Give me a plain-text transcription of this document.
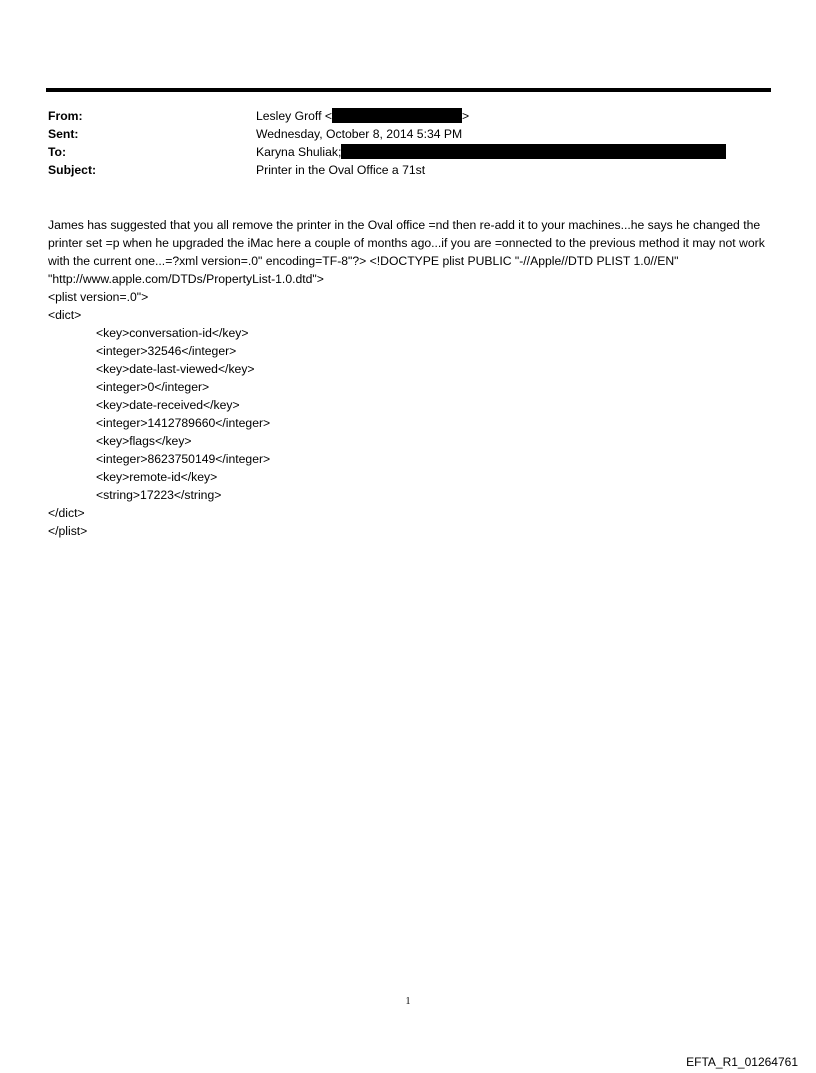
From:	Lesley Groff <	>
Sent:	Wednesday, October 8, 2014 5:34 PM
To:	Karyna Shuliak;
Subject:	Printer in the Oval Office a 71st

James has suggested that you all remove the printer in the Oval office =nd then re-add it to your machines...he says he changed the printer set =p when he upgraded the iMac here a couple of months ago...if you are =onnected to the previous method it may not work with the current one...=?xml version=.0" encoding=TF-8"?> <!DOCTYPE plist PUBLIC "-//Apple//DTD PLIST 1.0//EN" "http://www.apple.com/DTDs/PropertyList-1.0.dtd">

<plist version=.0">
<dict>
<key>conversation-id</key>
<integer>32546</integer>
<key>date-last-viewed</key>
<integer>0</integer>
<key>date-received</key>
<integer>1412789660</integer>
<key>flags</key>
<integer>8623750149</integer>
<key>remote-id</key>
<string>17223</string>
</dict>
</plist>
1
EFTA_R1_01264761
